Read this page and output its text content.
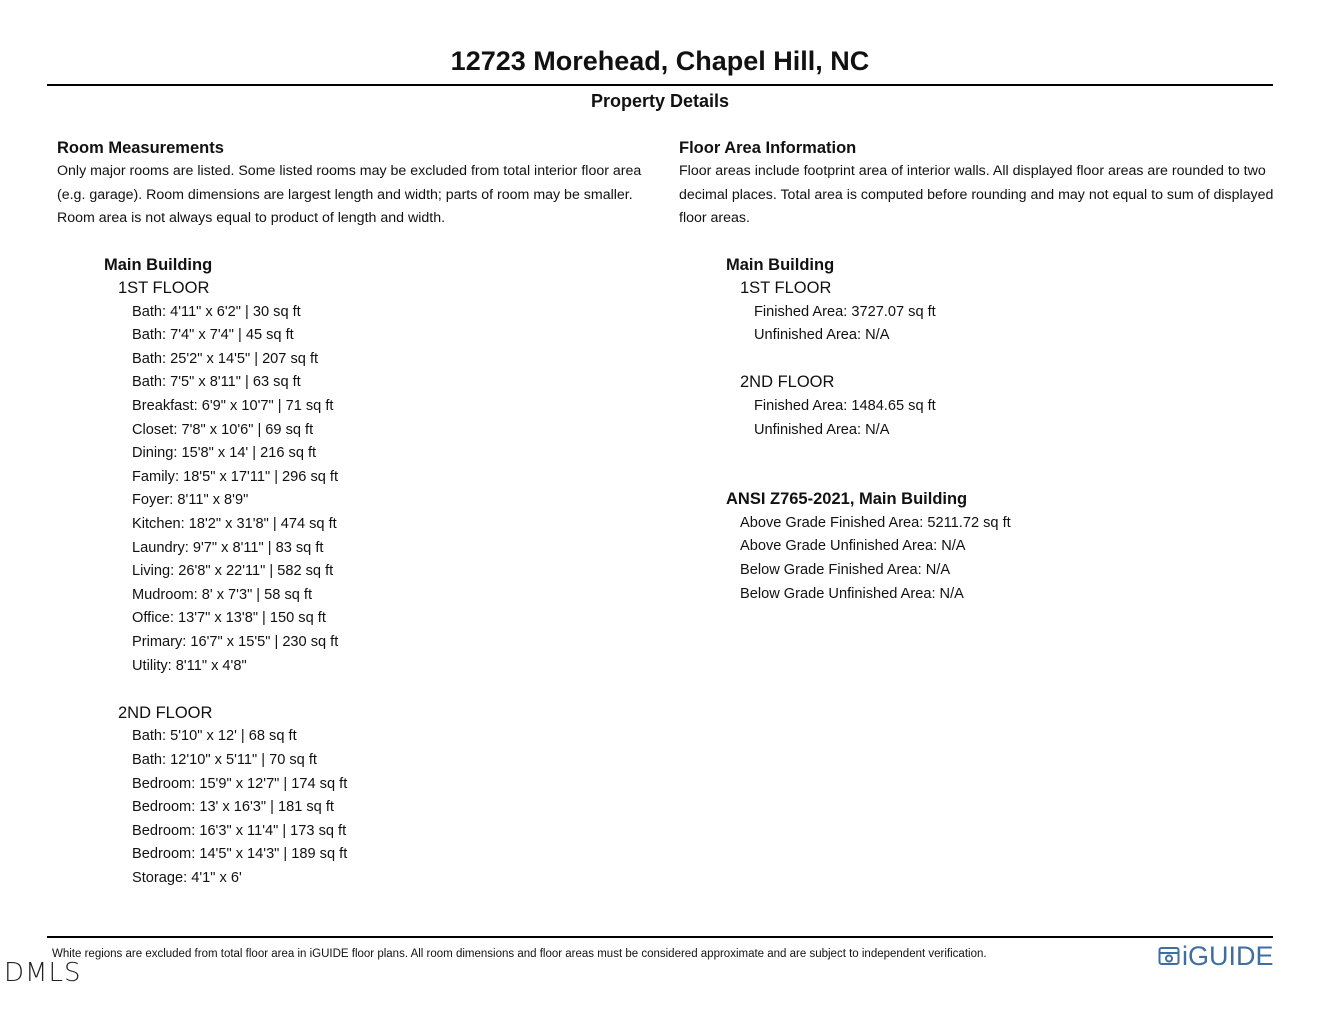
12723 Morehead, Chapel Hill, NC
Property Details
Room Measurements
Only major rooms are listed. Some listed rooms may be excluded from total interior floor area (e.g. garage). Room dimensions are largest length and width; parts of room may be smaller. Room area is not always equal to product of length and width.
Main Building
1ST FLOOR
Bath: 4'11" x 6'2" | 30 sq ft
Bath: 7'4" x 7'4" | 45 sq ft
Bath: 25'2" x 14'5" | 207 sq ft
Bath: 7'5" x 8'11" | 63 sq ft
Breakfast: 6'9" x 10'7" | 71 sq ft
Closet: 7'8" x 10'6" | 69 sq ft
Dining: 15'8" x 14' | 216 sq ft
Family: 18'5" x 17'11" | 296 sq ft
Foyer: 8'11" x 8'9"
Kitchen: 18'2" x 31'8" | 474 sq ft
Laundry: 9'7" x 8'11" | 83 sq ft
Living: 26'8" x 22'11" | 582 sq ft
Mudroom: 8' x 7'3" | 58 sq ft
Office: 13'7" x 13'8" | 150 sq ft
Primary: 16'7" x 15'5" | 230 sq ft
Utility: 8'11" x 4'8"
2ND FLOOR
Bath: 5'10" x 12' | 68 sq ft
Bath: 12'10" x 5'11" | 70 sq ft
Bedroom: 15'9" x 12'7" | 174 sq ft
Bedroom: 13' x 16'3" | 181 sq ft
Bedroom: 16'3" x 11'4" | 173 sq ft
Bedroom: 14'5" x 14'3" | 189 sq ft
Storage: 4'1" x 6'
Floor Area Information
Floor areas include footprint area of interior walls. All displayed floor areas are rounded to two decimal places. Total area is computed before rounding and may not equal to sum of displayed floor areas.
Main Building
1ST FLOOR
Finished Area: 3727.07 sq ft
Unfinished Area: N/A
2ND FLOOR
Finished Area: 1484.65 sq ft
Unfinished Area: N/A
ANSI Z765-2021, Main Building
Above Grade Finished Area: 5211.72 sq ft
Above Grade Unfinished Area: N/A
Below Grade Finished Area: N/A
Below Grade Unfinished Area: N/A
White regions are excluded from total floor area in iGUIDE floor plans. All room dimensions and floor areas must be considered approximate and are subject to independent verification.	iGUIDE
DMLS
